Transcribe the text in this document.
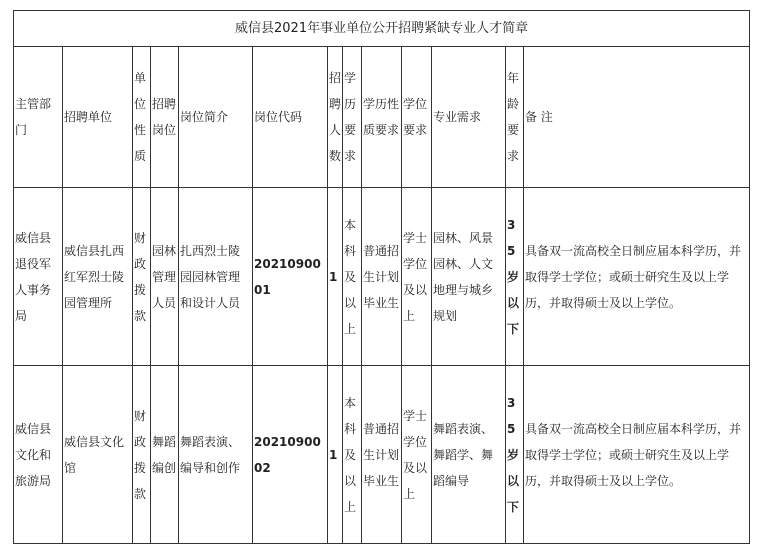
威信县2021年事业单位公开招聘紧缺专业人才简章												
主管部门	招聘单位	单位性质	招聘岗位	岗位简介	岗位代码	招聘人数	学历要求	学历性质要求	学位要求	专业需求	年龄要求	备 注
威信县退役军人事务局	威信县扎西红军烈士陵园管理所	财政拨款	园林管理人员	扎西烈士陵园园林管理和设计人员	2021090001	1	本科及以上	普通招生计划毕业生	学士学位及以上	园林、风景园林、人文地理与城乡规划	35岁以下	具备双一流高校全日制应届本科学历，并取得学士学位；或硕士研究生及以上学历，并取得硕士及以上学位。
威信县文化和旅游局	威信县文化馆	财政拨款	舞蹈编创	舞蹈表演、编导和创作	2021090002	1	本科及以上	普通招生计划毕业生	学士学位及以上	舞蹈表演、舞蹈学、舞蹈编导	35岁以下	具备双一流高校全日制应届本科学历，并取得学士学位；或硕士研究生及以上学历，并取得硕士及以上学位。
